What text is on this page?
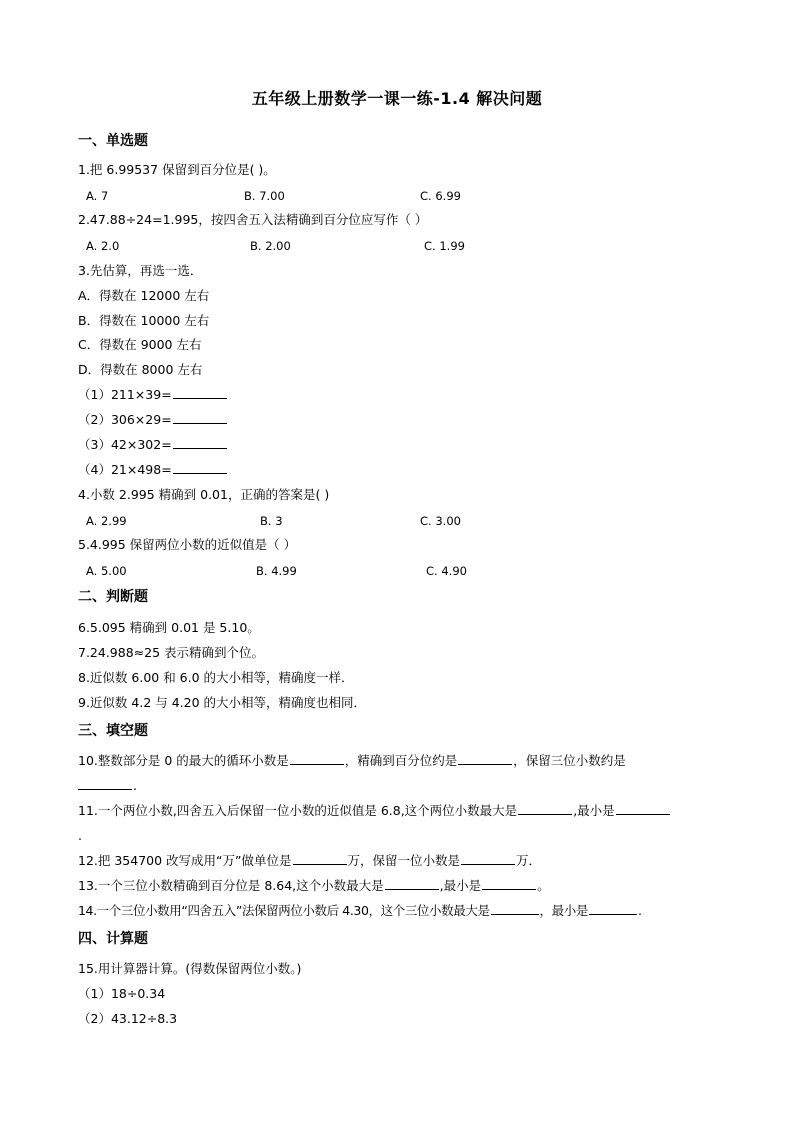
五年级上册数学一课一练-1.4 解决问题
一、单选题
1.把 6.99537 保留到百分位是( )。
A. 7	B. 7.00	C. 6.99
2.47.88÷24=1.995，按四舍五入法精确到百分位应写作（ ）
A. 2.0	B. 2.00	C. 1.99
3.先估算，再选一选．
A．得数在 12000 左右
B．得数在 10000 左右
C．得数在 9000 左右
D．得数在 8000 左右
（1）211×39=
（2）306×29=
（3）42×302=
（4）21×498=
4.小数 2.995 精确到 0.01，正确的答案是( )
A. 2.99	B. 3	C. 3.00
5.4.995 保留两位小数的近似值是（ ）
A. 5.00	B. 4.99	C. 4.90
二、判断题
6.5.095 精确到 0.01 是 5.10。
7.24.988≈25 表示精确到个位。
8.近似数 6.00 和 6.0 的大小相等，精确度一样．
9.近似数 4.2 与 4.20 的大小相等，精确度也相同．
三、填空题
10.整数部分是 0 的最大的循环小数是	，精确到百分位约是	，保留三位小数约是
.
11.一个两位小数,四舍五入后保留一位小数的近似值是 6.8,这个两位小数最大是	,最小是
.
12.把 354700 改写成用“万”做单位是	万，保留一位小数是	万．
13.一个三位小数精确到百分位是 8.64,这个小数最大是	,最小是	。
14.一个三位小数用“四舍五入”法保留两位小数后 4.30，这个三位小数最大是	，最小是	.
四、计算题
15.用计算器计算。(得数保留两位小数。)
（1）18÷0.34
（2）43.12÷8.3
